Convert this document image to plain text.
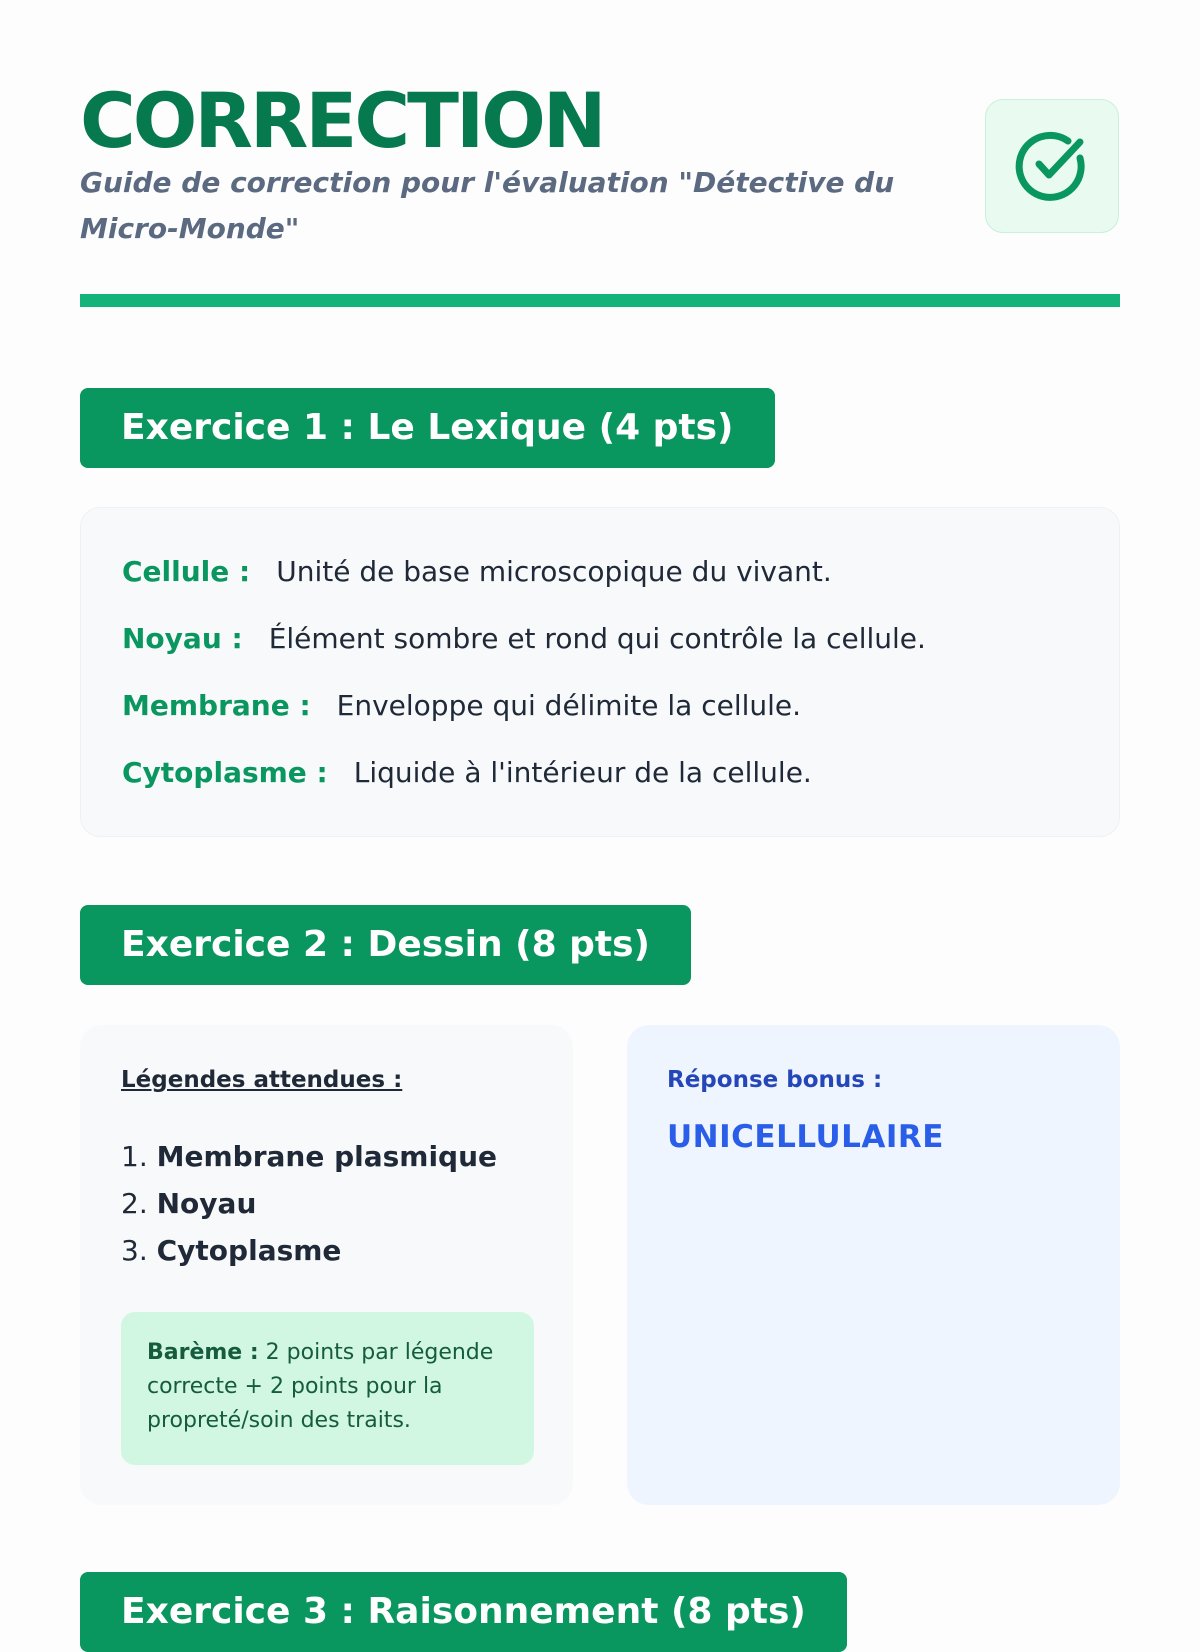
CORRECTION

Guide de correction pour l'évaluation "Détective du Micro-Monde"

Exercice 1 : Le Lexique (4 pts)
Cellule : Unité de base microscopique du vivant.
Noyau : Élément sombre et rond qui contrôle la cellule.
Membrane : Enveloppe qui délimite la cellule.
Cytoplasme : Liquide à l'intérieur de la cellule.
Exercice 2 : Dessin (8 pts)
Légendes attendues :
1. Membrane plasmique
2. Noyau
3. Cytoplasme
Barème : 2 points par légende correcte + 2 points pour la propreté/soin des traits.
Réponse bonus :
UNICELLULAIRE
Exercice 3 : Raisonnement (8 pts)
